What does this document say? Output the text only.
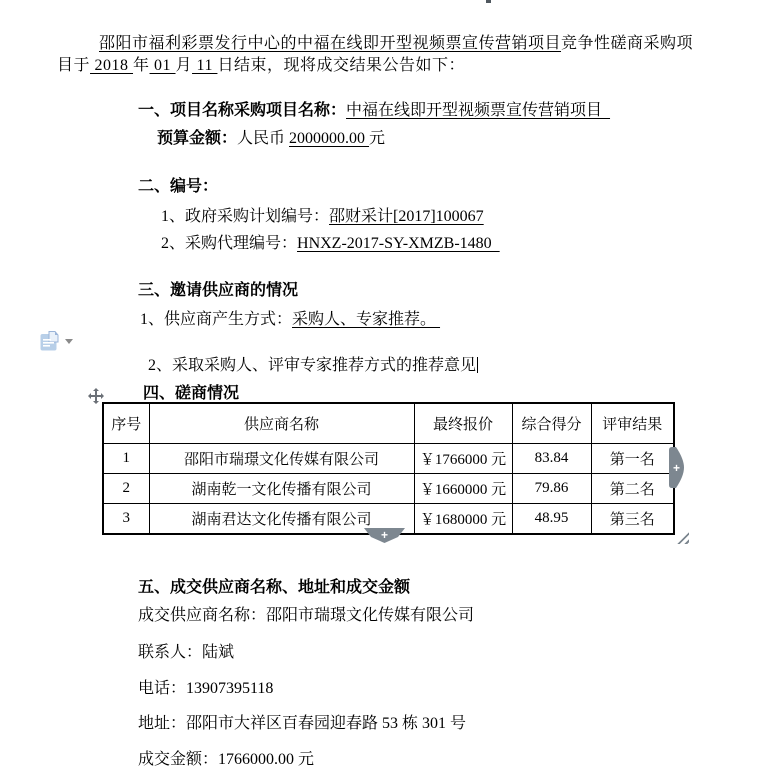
邵阳市福利彩票发行中心的中福在线即开型视频票宣传营销项目竞争性磋商采购项目于 2018 年 01 月 11 日结束，现将成交结果公告如下：
一、项目名称采购项目名称：中福在线即开型视频票宣传营销项目
预算金额：人民币 2000000.00 元
二、编号：
1、政府采购计划编号：邵财采计[2017]100067
2、采购代理编号：HNXZ-2017-SY-XMZB-1480
三、邀请供应商的情况
1、供应商产生方式：采购人、专家推荐。

2、采取采购人、评审专家推荐方式的推荐意见

四、磋商情况
序号	供应商名称	最终报价	综合得分	评审结果
1	邵阳市瑞璟文化传媒有限公司	￥1766000 元	83.84	第一名
2	湖南乾一文化传播有限公司	￥1660000 元	79.86	第二名
3	湖南君达文化传播有限公司	￥1680000 元	48.95	第三名
+
+
五、成交供应商名称、地址和成交金额
成交供应商名称：邵阳市瑞璟文化传媒有限公司
联系人：陆斌
电话：13907395118
地址：邵阳市大祥区百春园迎春路 53 栋 301 号
成交金额：1766000.00 元
